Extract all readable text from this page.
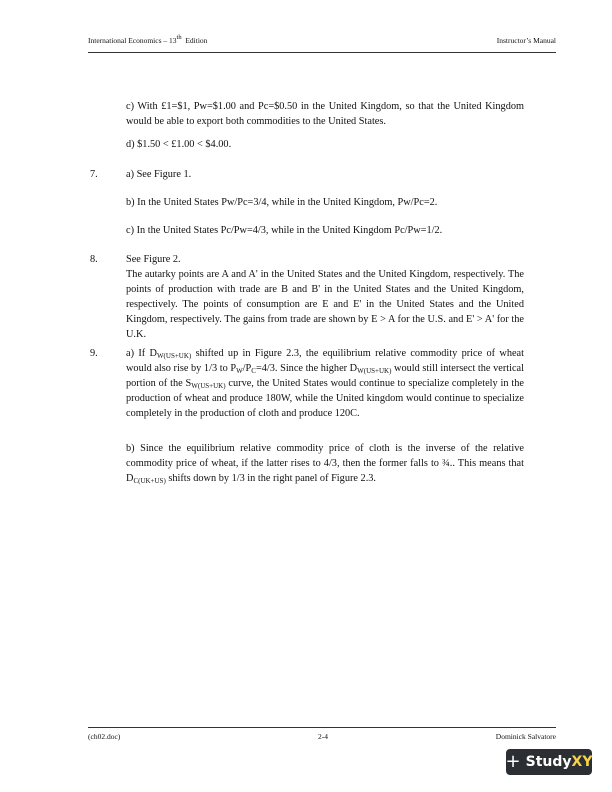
International Economics – 13th  Edition	Instructor’s Manual
c) With £1=$1, Pw=$1.00 and Pc=$0.50 in the United Kingdom, so that the United Kingdom would be able to export both commodities to the United States.
d) $1.50 < £1.00 < $4.00.
7.	a) See Figure 1.
b) In the United States Pw/Pc=3/4, while in the United Kingdom, Pw/Pc=2.
c) In the United States Pc/Pw=4/3, while in the United Kingdom Pc/Pw=1/2.
8.	See Figure 2.
The autarky points are A and A' in the United States and the United Kingdom, respectively. The points of production with trade are B and B' in the United States and the United Kingdom, respectively. The points of consumption are E and E' in the United States and the United Kingdom, respectively. The gains from trade are shown by E > A for the U.S. and E' > A' for the U.K.
9.	a) If $D_{W(US+UK)}$ shifted up in Figure 2.3, the equilibrium relative commodity price of wheat would also rise by 1/3 to $P_W/P_C=4/3$. Since the higher $D_{W(US+UK)}$ would still intersect the vertical portion of the $S_{W(US+UK)}$ curve, the United States would continue to specialize completely in the production of wheat and produce 180W, while the United kingdom would continue to specialize completely in the production of cloth and produce 120C.
b) Since the equilibrium relative commodity price of cloth is the inverse of the relative commodity price of wheat, if the latter rises to 4/3, then the former falls to ¾.. This means that $D_{C(UK+US)}$ shifts down by 1/3 in the right panel of Figure 2.3.
(ch02.doc)	2-4	Dominick Salvatore
+ StudyXY
